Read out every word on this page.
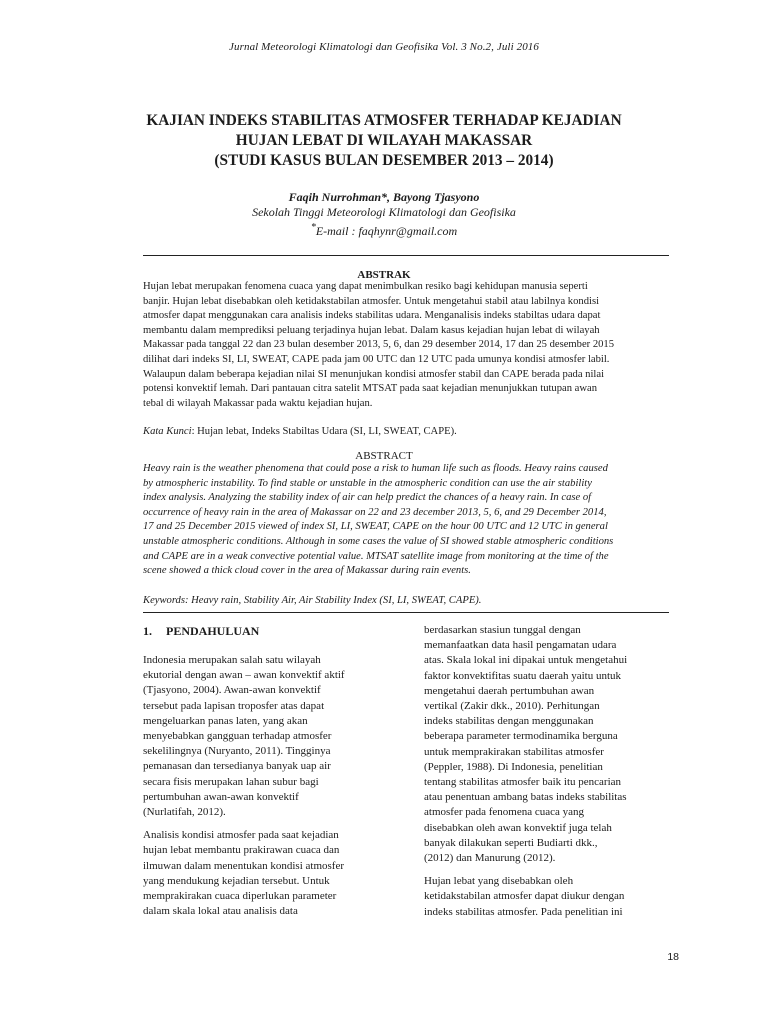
Jurnal Meteorologi Klimatologi dan Geofisika Vol. 3 No.2, Juli 2016
KAJIAN INDEKS STABILITAS ATMOSFER TERHADAP KEJADIAN
HUJAN LEBAT DI WILAYAH MAKASSAR
(STUDI KASUS BULAN DESEMBER 2013 – 2014)
Faqih Nurrohman*, Bayong Tjasyono
Sekolah Tinggi Meteorologi Klimatologi dan Geofisika
*E-mail : faqhynr@gmail.com
ABSTRAK
Hujan lebat merupakan fenomena cuaca yang dapat menimbulkan resiko bagi kehidupan manusia seperti
banjir. Hujan lebat disebabkan oleh ketidakstabilan atmosfer. Untuk mengetahui stabil atau labilnya kondisi
atmosfer dapat menggunakan cara analisis indeks stabilitas udara. Menganalisis indeks stabiltas udara dapat
membantu dalam memprediksi peluang terjadinya hujan lebat. Dalam kasus kejadian hujan lebat di wilayah
Makassar pada tanggal 22 dan 23 bulan desember 2013, 5, 6, dan 29 desember 2014, 17 dan 25 desember 2015
dilihat dari indeks SI, LI, SWEAT, CAPE pada jam 00 UTC dan 12 UTC pada umunya kondisi atmosfer labil.
Walaupun dalam beberapa kejadian nilai SI menunjukan kondisi atmosfer stabil dan CAPE berada pada nilai
potensi konvektif lemah. Dari pantauan citra satelit MTSAT pada saat kejadian menunjukkan tutupan awan
tebal di wilayah Makassar pada waktu kejadian hujan.
Kata Kunci: Hujan lebat, Indeks Stabiltas Udara (SI, LI, SWEAT, CAPE).
ABSTRACT
Heavy rain is the weather phenomena that could pose a risk to human life such as floods. Heavy rains caused
by atmospheric instability. To find stable or unstable in the atmospheric condition can use the air stability
index analysis. Analyzing the stability index of air can help predict the chances of a heavy rain. In case of
occurrence of heavy rain in the area of Makassar on 22 and 23 december 2013, 5, 6, and 29 December 2014,
17 and 25 December 2015 viewed of index SI, LI, SWEAT, CAPE on the hour 00 UTC and 12 UTC in general
unstable atmospheric conditions. Although in some cases the value of SI showed stable atmospheric conditions
and CAPE are in a weak convective potential value. MTSAT satellite image from monitoring at the time of the
scene showed a thick cloud cover in the area of Makassar during rain events.
Keywords: Heavy rain, Stability Air, Air Stability Index (SI, LI, SWEAT, CAPE).
1. PENDAHULUAN
Indonesia merupakan salah satu wilayah
ekutorial dengan awan – awan konvektif aktif
(Tjasyono, 2004). Awan-awan konvektif
tersebut pada lapisan troposfer atas dapat
mengeluarkan panas laten, yang akan
menyebabkan gangguan terhadap atmosfer
sekelilingnya (Nuryanto, 2011). Tingginya
pemanasan dan tersedianya banyak uap air
secara fisis merupakan lahan subur bagi
pertumbuhan awan-awan konvektif
(Nurlatifah, 2012).
Analisis kondisi atmosfer pada saat kejadian
hujan lebat membantu prakirawan cuaca dan
ilmuwan dalam menentukan kondisi atmosfer
yang mendukung kejadian tersebut. Untuk
memprakirakan cuaca diperlukan parameter
dalam skala lokal atau analisis data
berdasarkan stasiun tunggal dengan
memanfaatkan data hasil pengamatan udara
atas. Skala lokal ini dipakai untuk mengetahui
faktor konvektifitas suatu daerah yaitu untuk
mengetahui daerah pertumbuhan awan
vertikal (Zakir dkk., 2010). Perhitungan
indeks stabilitas dengan menggunakan
beberapa parameter termodinamika berguna
untuk memprakirakan stabilitas atmosfer
(Peppler, 1988). Di Indonesia, penelitian
tentang stabilitas atmosfer baik itu pencarian
atau penentuan ambang batas indeks stabilitas
atmosfer pada fenomena cuaca yang
disebabkan oleh awan konvektif juga telah
banyak dilakukan seperti Budiarti dkk.,
(2012) dan Manurung (2012).
Hujan lebat yang disebabkan oleh
ketidakstabilan atmosfer dapat diukur dengan
indeks stabilitas atmosfer. Pada penelitian ini
18
